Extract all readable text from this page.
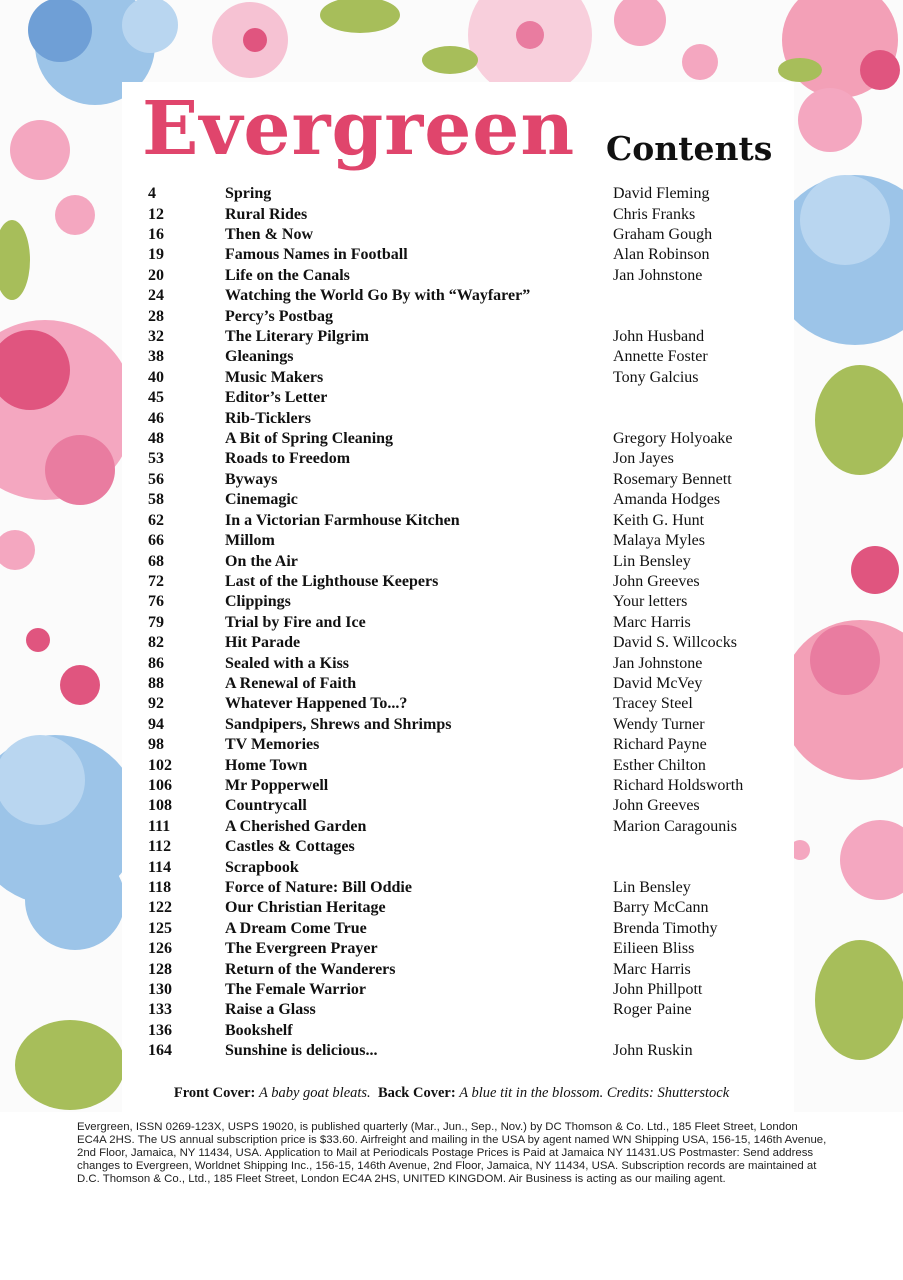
Evergreen Contents
4	Spring	David Fleming
12	Rural Rides	Chris Franks
16	Then & Now	Graham Gough
19	Famous Names in Football	Alan Robinson
20	Life on the Canals	Jan Johnstone
24	Watching the World Go By with “Wayfarer”
28	Percy’s Postbag
32	The Literary Pilgrim	John Husband
38	Gleanings	Annette Foster
40	Music Makers	Tony Galcius
45	Editor’s Letter
46	Rib-Ticklers
48	A Bit of Spring Cleaning	Gregory Holyoake
53	Roads to Freedom	Jon Jayes
56	Byways	Rosemary Bennett
58	Cinemagic	Amanda Hodges
62	In a Victorian Farmhouse Kitchen	Keith G. Hunt
66	Millom	Malaya Myles
68	On the Air	Lin Bensley
72	Last of the Lighthouse Keepers	John Greeves
76	Clippings	Your letters
79	Trial by Fire and Ice	Marc Harris
82	Hit Parade	David S. Willcocks
86	Sealed with a Kiss	Jan Johnstone
88	A Renewal of Faith	David McVey
92	Whatever Happened To...?	Tracey Steel
94	Sandpipers, Shrews and Shrimps	Wendy Turner
98	TV Memories	Richard Payne
102	Home Town	Esther Chilton
106	Mr Popperwell	Richard Holdsworth
108	Countrycall	John Greeves
111	A Cherished Garden	Marion Caragounis
112	Castles & Cottages
114	Scrapbook
118	Force of Nature: Bill Oddie	Lin Bensley
122	Our Christian Heritage	Barry McCann
125	A Dream Come True	Brenda Timothy
126	The Evergreen Prayer	Eilieen Bliss
128	Return of the Wanderers	Marc Harris
130	The Female Warrior	John Phillpott
133	Raise a Glass	Roger Paine
136	Bookshelf
164	Sunshine is delicious...	John Ruskin
Front Cover: A baby goat bleats. Back Cover: A blue tit in the blossom. Credits: Shutterstock
Evergreen, ISSN 0269-123X, USPS 19020, is published quarterly (Mar., Jun., Sep., Nov.) by DC Thomson & Co. Ltd., 185 Fleet Street, London EC4A 2HS. The US annual subscription price is $33.60. Airfreight and mailing in the USA by agent named WN Shipping USA, 156-15, 146th Avenue, 2nd Floor, Jamaica, NY 11434, USA. Application to Mail at Periodicals Postage Prices is Paid at Jamaica NY 11431.US Postmaster: Send address changes to Evergreen, Worldnet Shipping Inc., 156-15, 146th Avenue, 2nd Floor, Jamaica, NY 11434, USA. Subscription records are maintained at D.C. Thomson & Co., Ltd., 185 Fleet Street, London EC4A 2HS, UNITED KINGDOM. Air Business is acting as our mailing agent.
